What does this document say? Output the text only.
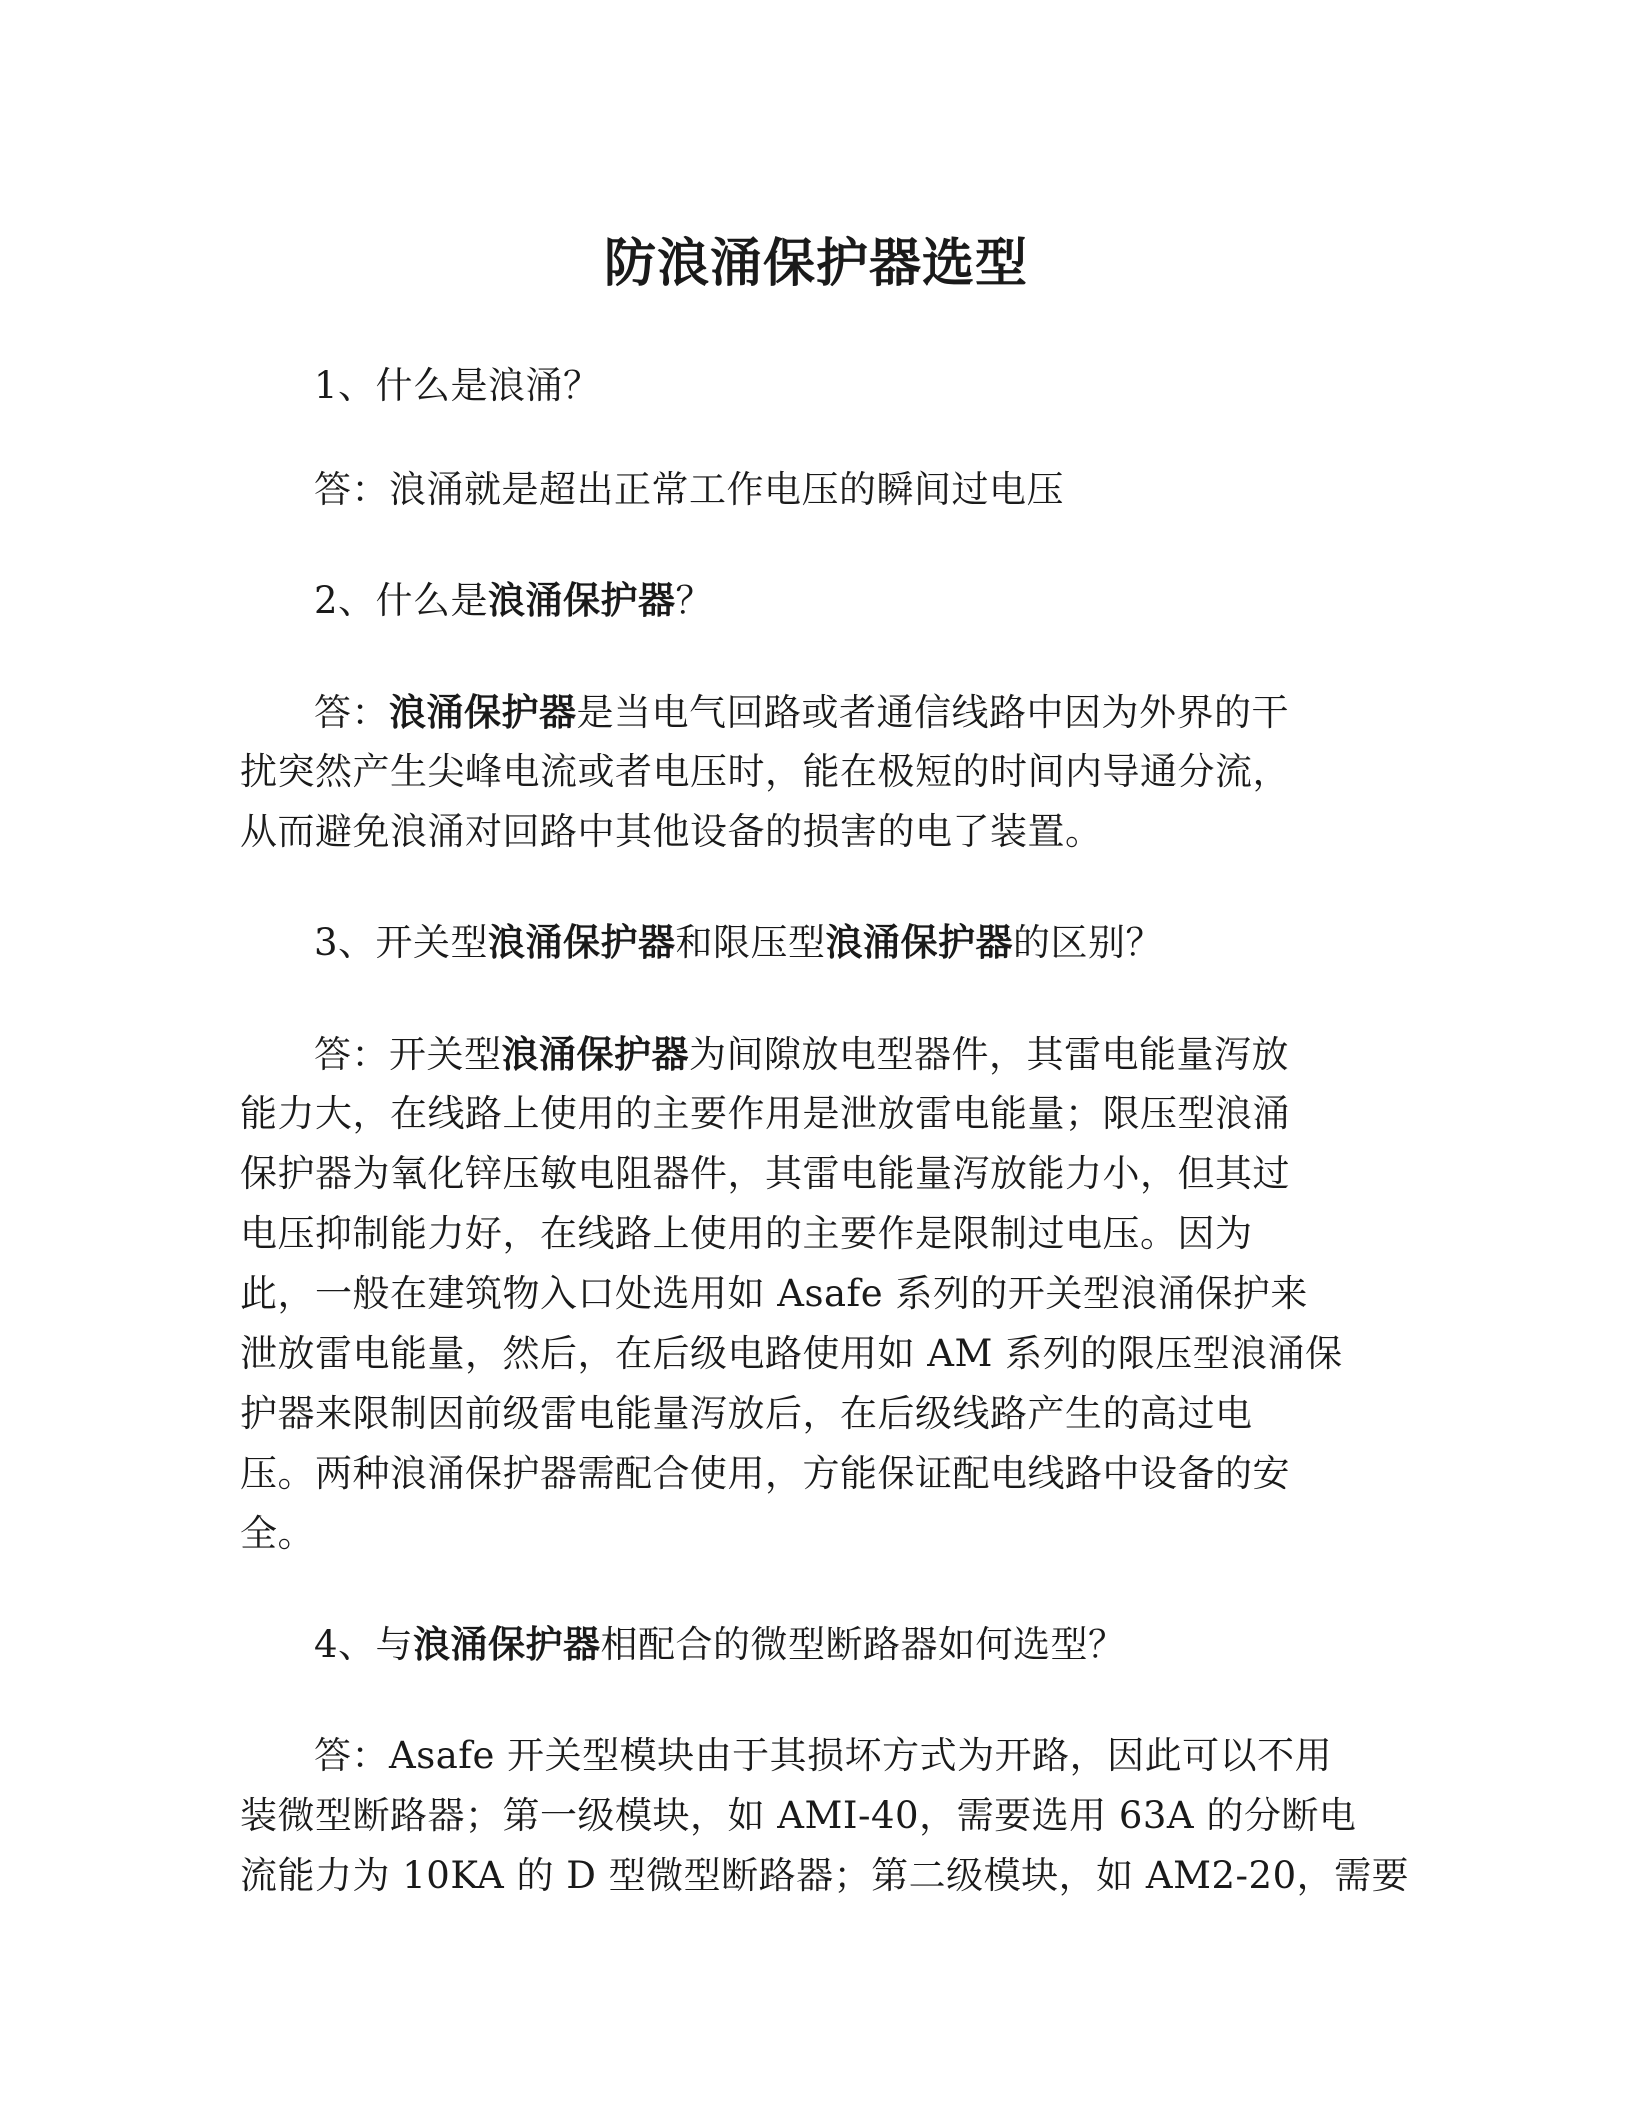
防浪涌保护器选型
1、什么是浪涌？
答：浪涌就是超出正常工作电压的瞬间过电压
2、什么是浪涌保护器？
答：浪涌保护器是当电气回路或者通信线路中因为外界的干
扰突然产生尖峰电流或者电压时，能在极短的时间内导通分流，
从而避免浪涌对回路中其他设备的损害的电了装置。
3、开关型浪涌保护器和限压型浪涌保护器的区别？
答：开关型浪涌保护器为间隙放电型器件，其雷电能量泻放
能力大，在线路上使用的主要作用是泄放雷电能量；限压型浪涌
保护器为氧化锌压敏电阻器件，其雷电能量泻放能力小，但其过
电压抑制能力好，在线路上使用的主要作是限制过电压。因为
此，一般在建筑物入口处选用如 Asafe 系列的开关型浪涌保护来
泄放雷电能量，然后，在后级电路使用如 AM 系列的限压型浪涌保
护器来限制因前级雷电能量泻放后，在后级线路产生的高过电
压。两种浪涌保护器需配合使用，方能保证配电线路中设备的安
全。
4、与浪涌保护器相配合的微型断路器如何选型？
答：Asafe 开关型模块由于其损坏方式为开路，因此可以不用
装微型断路器；第一级模块，如 AMI-40，需要选用 63A 的分断电
流能力为 10KA 的 D 型微型断路器；第二级模块，如 AM2-20，需要
